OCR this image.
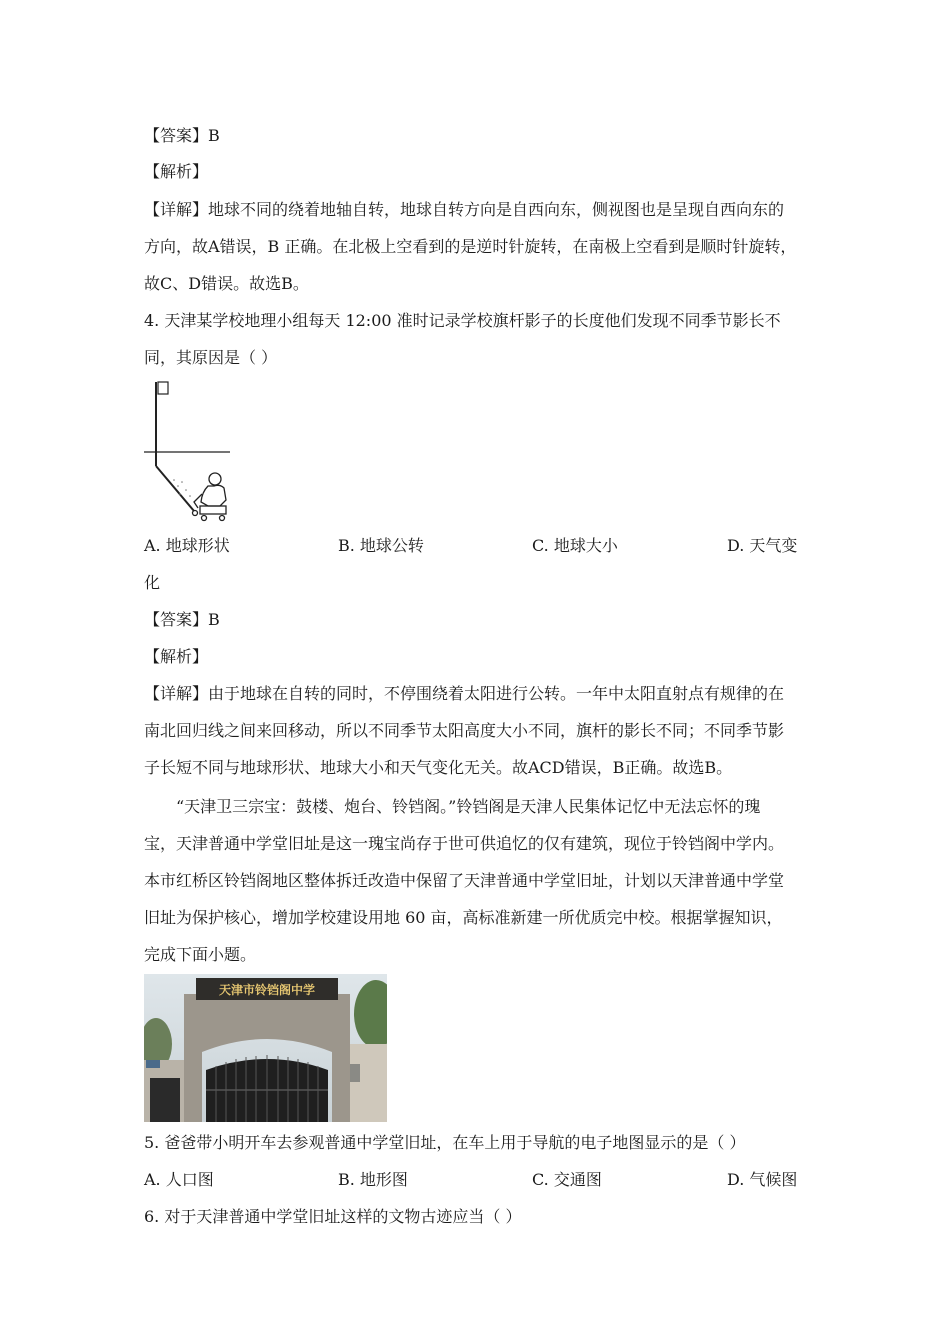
【答案】B
【解析】
【详解】地球不同的绕着地轴自转，地球自转方向是自西向东，侧视图也是呈现自西向东的
方向，故A错误，B 正确。在北极上空看到的是逆时针旋转，在南极上空看到是顺时针旋转，
故C、D错误。故选B。
4. 天津某学校地理小组每天 12:00 准时记录学校旗杆影子的长度他们发现不同季节影长不
同，其原因是（ ）
A. 地球形状	B. 地球公转	C. 地球大小	D. 天气变
化
【答案】B
【解析】
【详解】由于地球在自转的同时，不停围绕着太阳进行公转。一年中太阳直射点有规律的在
南北回归线之间来回移动，所以不同季节太阳高度大小不同，旗杆的影长不同；不同季节影
子长短不同与地球形状、地球大小和天气变化无关。故ACD错误，B正确。故选B。
“天津卫三宗宝：鼓楼、炮台、铃铛阁。”铃铛阁是天津人民集体记忆中无法忘怀的瑰
宝，天津普通中学堂旧址是这一瑰宝尚存于世可供追忆的仅有建筑，现位于铃铛阁中学内。
本市红桥区铃铛阁地区整体拆迁改造中保留了天津普通中学堂旧址，计划以天津普通中学堂
旧址为保护核心，增加学校建设用地 60 亩，高标准新建一所优质完中校。根据掌握知识，
完成下面小题。
天津市铃铛阁中学
5. 爸爸带小明开车去参观普通中学堂旧址，在车上用于导航的电子地图显示的是（ ）
A. 人口图	B. 地形图	C. 交通图	D. 气候图
6. 对于天津普通中学堂旧址这样的文物古迹应当（ ）
